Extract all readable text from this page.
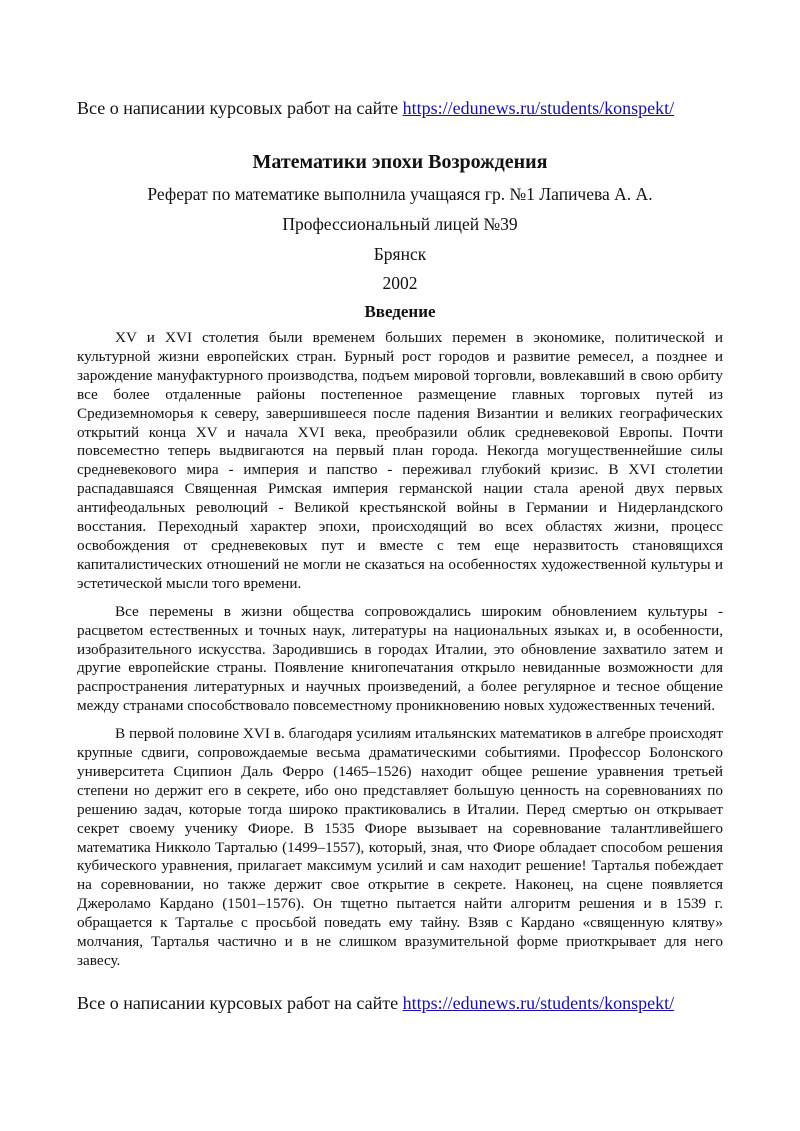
Все о написании курсовых работ на сайте https://edunews.ru/students/konspekt/
Математики эпохи Возрождения
Реферат по математике выполнила учащаяся гр. №1 Лапичева А. А.
Профессиональный лицей №39
Брянск
2002
Введение

XV и XVI столетия были временем больших перемен в экономике, политической и культурной жизни европейских стран. Бурный рост городов и развитие ремесел, а позднее и зарождение мануфактурного производства, подъем мировой торговли, вовлекавший в свою орбиту все более отдаленные районы постепенное размещение главных торговых путей из Средиземноморья к северу, завершившееся после падения Византии и великих географических открытий конца XV и начала XVI века, преобразили облик средневековой Европы. Почти повсеместно теперь выдвигаются на первый план города. Некогда могущественнейшие силы средневекового мира - империя и папство - переживал глубокий кризис. В XVI столетии распадавшаяся Священная Римская империя германской нации стала ареной двух первых антифеодальных революций - Великой крестьянской войны в Германии и Нидерландского восстания. Переходный характер эпохи, происходящий во всех областях жизни, процесс освобождения от средневековых пут и вместе с тем еще неразвитость становящихся капиталистических отношений не могли не сказаться на особенностях художественной культуры и эстетической мысли того времени.

Все перемены в жизни общества сопровождались широким обновлением культуры - расцветом естественных и точных наук, литературы на национальных языках и, в особенности, изобразительного искусства. Зародившись в городах Италии, это обновление захватило затем и другие европейские страны. Появление книгопечатания открыло невиданные возможности для распространения литературных и научных произведений, а более регулярное и тесное общение между странами способствовало повсеместному проникновению новых художественных течений.

В первой половине XVI в. благодаря усилиям итальянских математиков в алгебре происходят крупные сдвиги, сопровождаемые весьма драматическими событиями. Профессор Болонского университета Сципион Даль Ферро (1465–1526) находит общее решение уравнения третьей степени но держит его в секрете, ибо оно представляет большую ценность на соревнованиях по решению задач, которые тогда широко практиковались в Италии. Перед смертью он открывает секрет своему ученику Фиоре. В 1535 Фиоре вызывает на соревнование талантливейшего математика Никколо Тарталью (1499–1557), который, зная, что Фиоре обладает способом решения кубического уравнения, прилагает максимум усилий и сам находит решение! Тарталья побеждает на соревновании, но также держит свое открытие в секрете. Наконец, на сцене появляется Джероламо Кардано (1501–1576). Он тщетно пытается найти алгоритм решения и в 1539 г. обращается к Тарталье с просьбой поведать ему тайну. Взяв с Кардано «священную клятву» молчания, Тарталья частично и в не слишком вразумительной форме приоткрывает для него завесу.

Все о написании курсовых работ на сайте https://edunews.ru/students/konspekt/
